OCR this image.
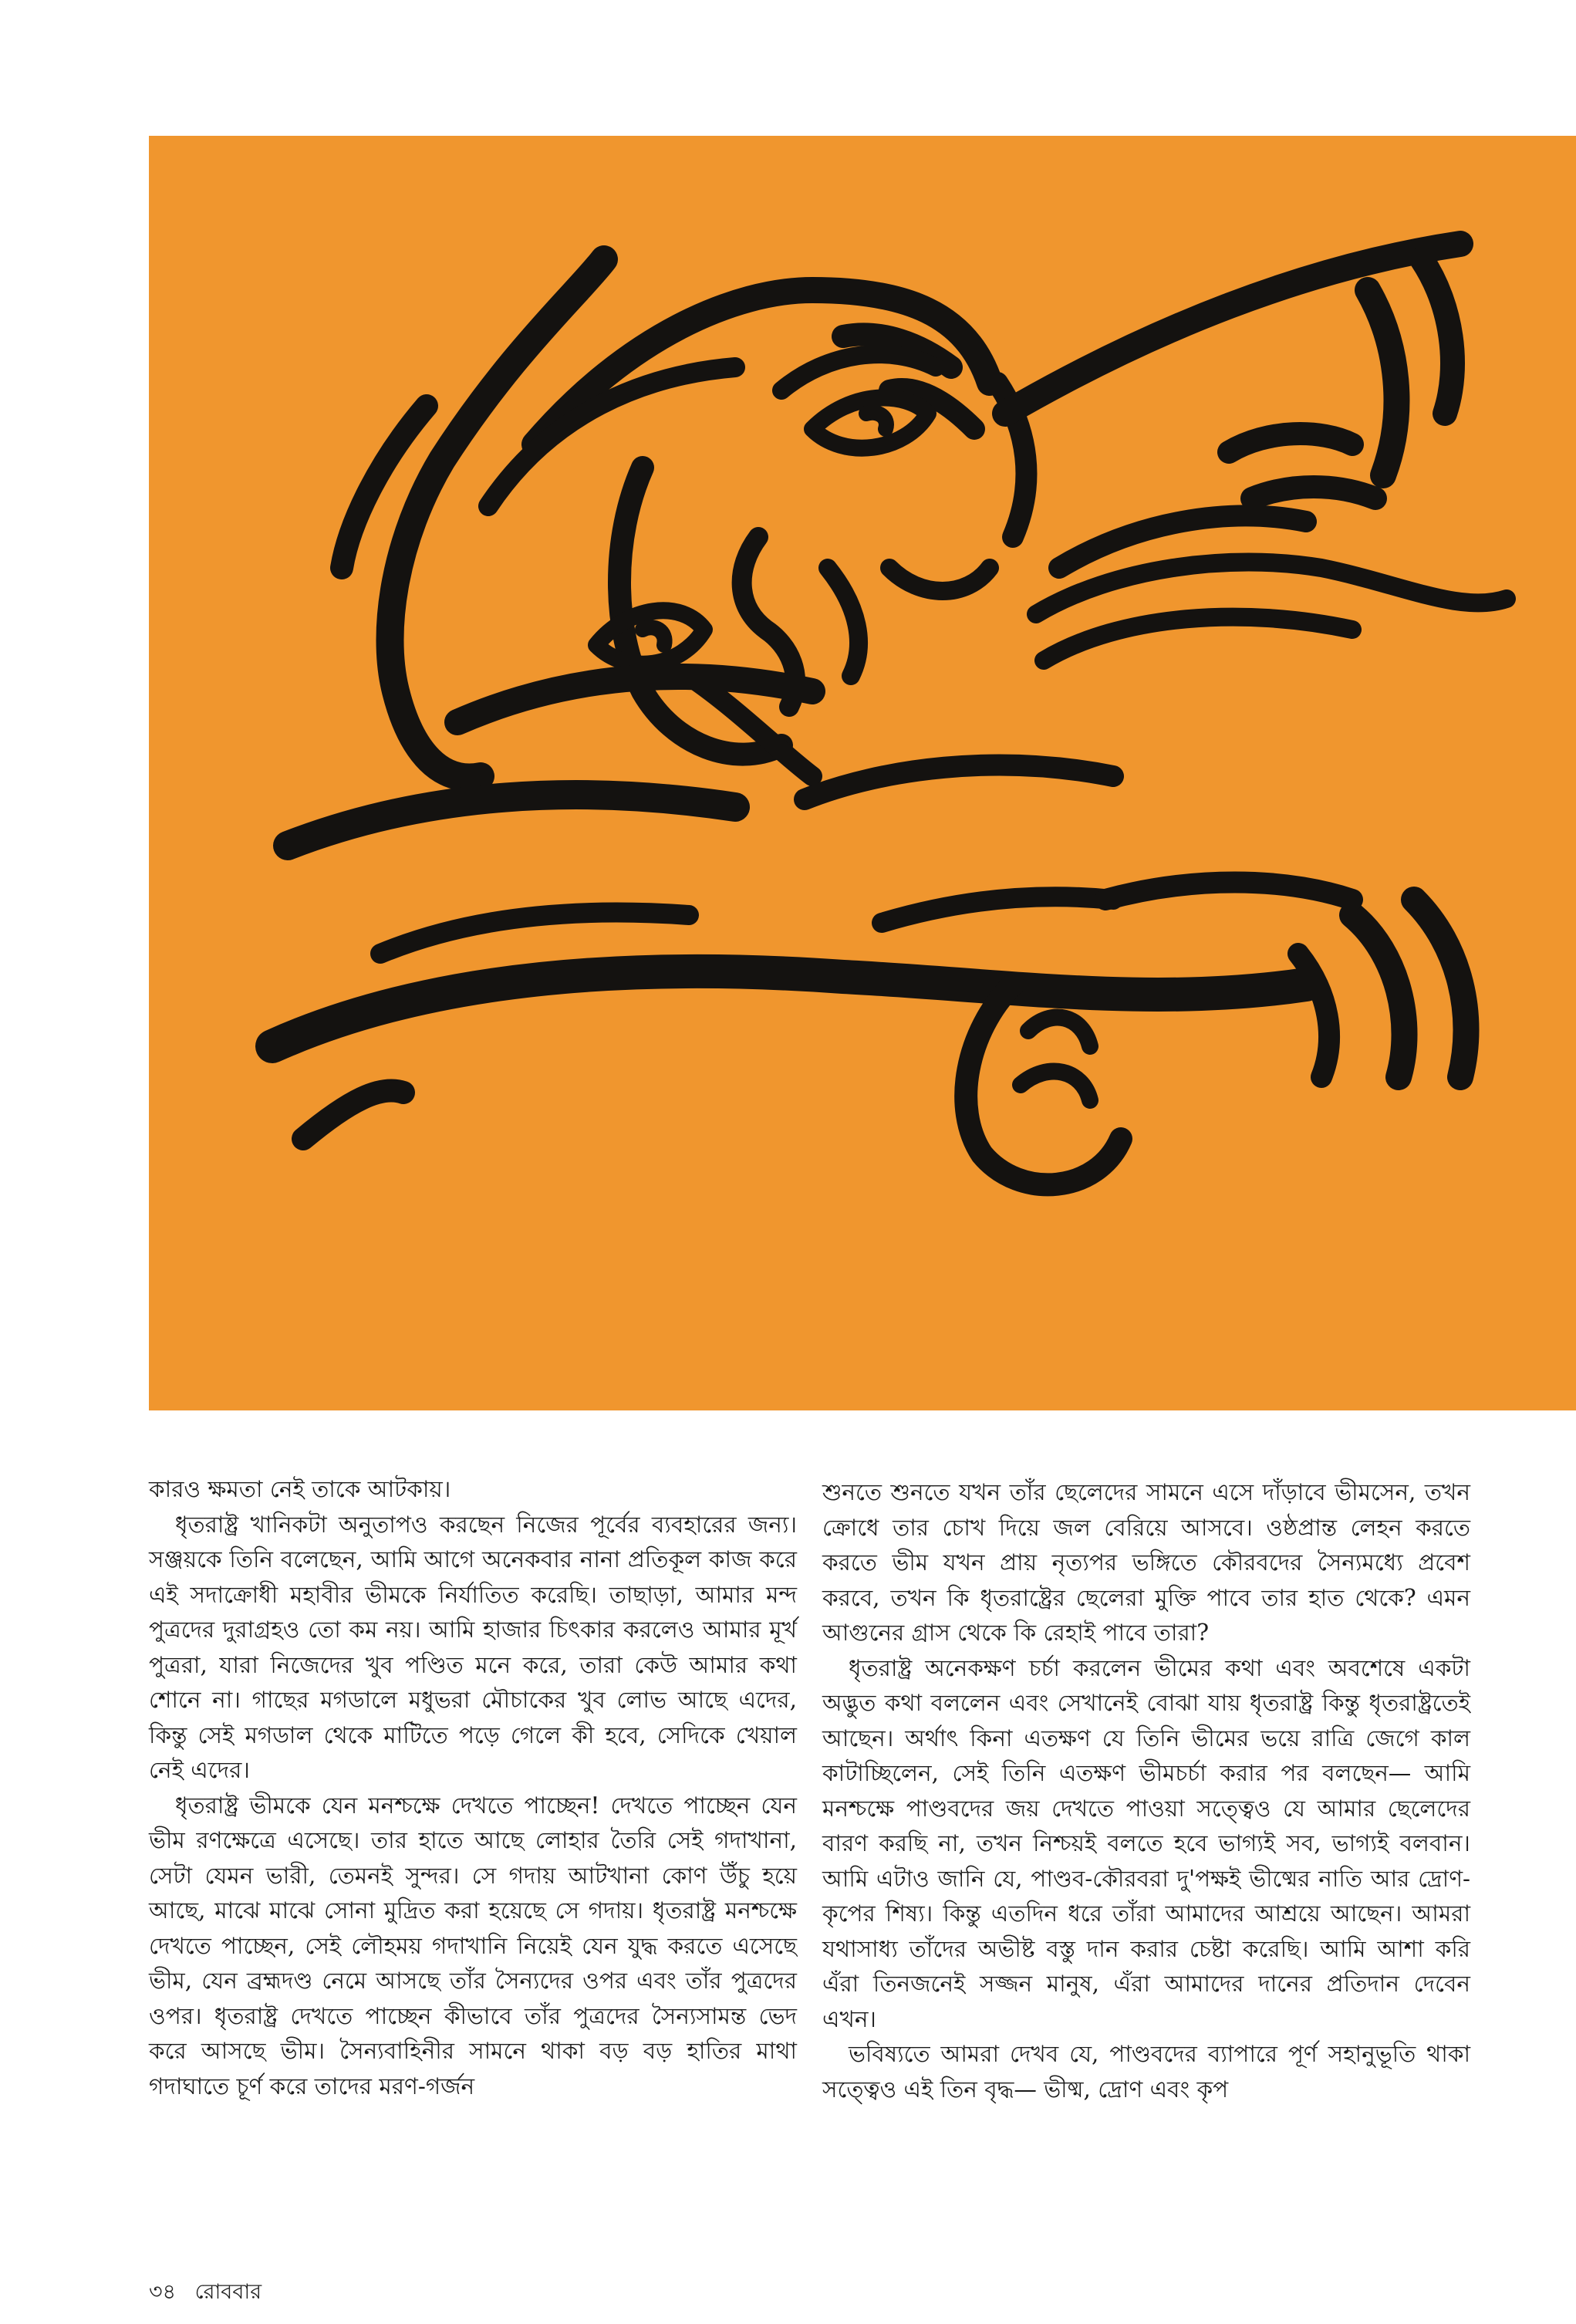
কারও ক্ষমতা নেই তাকে আটকায়।

ধৃতরাষ্ট্র খানিকটা অনুতাপও করছেন নিজের পূর্বের ব্যবহারের জন্য। সঞ্জয়কে তিনি বলেছেন, আমি আগে অনেকবার নানা প্রতিকূল কাজ করে এই সদাক্রোধী মহাবীর ভীমকে নির্যাতিত করেছি। তাছাড়া, আমার মন্দ পুত্রদের দুরাগ্রহও তো কম নয়। আমি হাজার চিৎকার করলেও আমার মূর্খ পুত্ররা, যারা নিজেদের খুব পণ্ডিত মনে করে, তারা কেউ আমার কথা শোনে না। গাছের মগডালে মধুভরা মৌচাকের খুব লোভ আছে এদের, কিন্তু সেই মগডাল থেকে মাটিতে পড়ে গেলে কী হবে, সেদিকে খেয়াল নেই এদের।

ধৃতরাষ্ট্র ভীমকে যেন মনশ্চক্ষে দেখতে পাচ্ছেন! দেখতে পাচ্ছেন যেন ভীম রণক্ষেত্রে এসেছে। তার হাতে আছে লোহার তৈরি সেই গদাখানা, সেটা যেমন ভারী, তেমনই সুন্দর। সে গদায় আটখানা কোণ উঁচু হয়ে আছে, মাঝে মাঝে সোনা মুদ্রিত করা হয়েছে সে গদায়। ধৃতরাষ্ট্র মনশ্চক্ষে দেখতে পাচ্ছেন, সেই লৌহময় গদাখানি নিয়েই যেন যুদ্ধ করতে এসেছে ভীম, যেন ব্রহ্মদণ্ড নেমে আসছে তাঁর সৈন্যদের ওপর এবং তাঁর পুত্রদের ওপর। ধৃতরাষ্ট্র দেখতে পাচ্ছেন কীভাবে তাঁর পুত্রদের সৈন্যসামন্ত ভেদ করে আসছে ভীম। সৈন্যবাহিনীর সামনে থাকা বড় বড় হাতির মাথা গদাঘাতে চূর্ণ করে তাদের মরণ-গর্জন

শুনতে শুনতে যখন তাঁর ছেলেদের সামনে এসে দাঁড়াবে ভীমসেন, তখন ক্রোধে তার চোখ দিয়ে জল বেরিয়ে আসবে। ওষ্ঠপ্রান্ত লেহন করতে করতে ভীম যখন প্রায় নৃত্যপর ভঙ্গিতে কৌরবদের সৈন্যমধ্যে প্রবেশ করবে, তখন কি ধৃতরাষ্ট্রের ছেলেরা মুক্তি পাবে তার হাত থেকে? এমন আগুনের গ্রাস থেকে কি রেহাই পাবে তারা?

ধৃতরাষ্ট্র অনেকক্ষণ চর্চা করলেন ভীমের কথা এবং অবশেষে একটা অদ্ভুত কথা বললেন এবং সেখানেই বোঝা যায় ধৃতরাষ্ট্র কিন্তু ধৃতরাষ্ট্রতেই আছেন। অর্থাৎ কিনা এতক্ষণ যে তিনি ভীমের ভয়ে রাত্রি জেগে কাল কাটাচ্ছিলেন, সেই তিনি এতক্ষণ ভীমচর্চা করার পর বলছেন— আমি মনশ্চক্ষে পাণ্ডবদের জয় দেখতে পাওয়া সত্ত্বেও যে আমার ছেলেদের বারণ করছি না, তখন নিশ্চয়ই বলতে হবে ভাগ্যই সব, ভাগ্যই বলবান। আমি এটাও জানি যে, পাণ্ডব-কৌরবরা দু'পক্ষই ভীষ্মের নাতি আর দ্রোণ-কৃপের শিষ্য। কিন্তু এতদিন ধরে তাঁরা আমাদের আশ্রয়ে আছেন। আমরা যথাসাধ্য তাঁদের অভীষ্ট বস্তু দান করার চেষ্টা করেছি। আমি আশা করি এঁরা তিনজনেই সজ্জন মানুষ, এঁরা আমাদের দানের প্রতিদান দেবেন এখন।

ভবিষ্যতে আমরা দেখব যে, পাণ্ডবদের ব্যাপারে পূর্ণ সহানুভূতি থাকা সত্ত্বেও এই তিন বৃদ্ধ— ভীষ্ম, দ্রোণ এবং কৃপ

৩৪ রোববার
